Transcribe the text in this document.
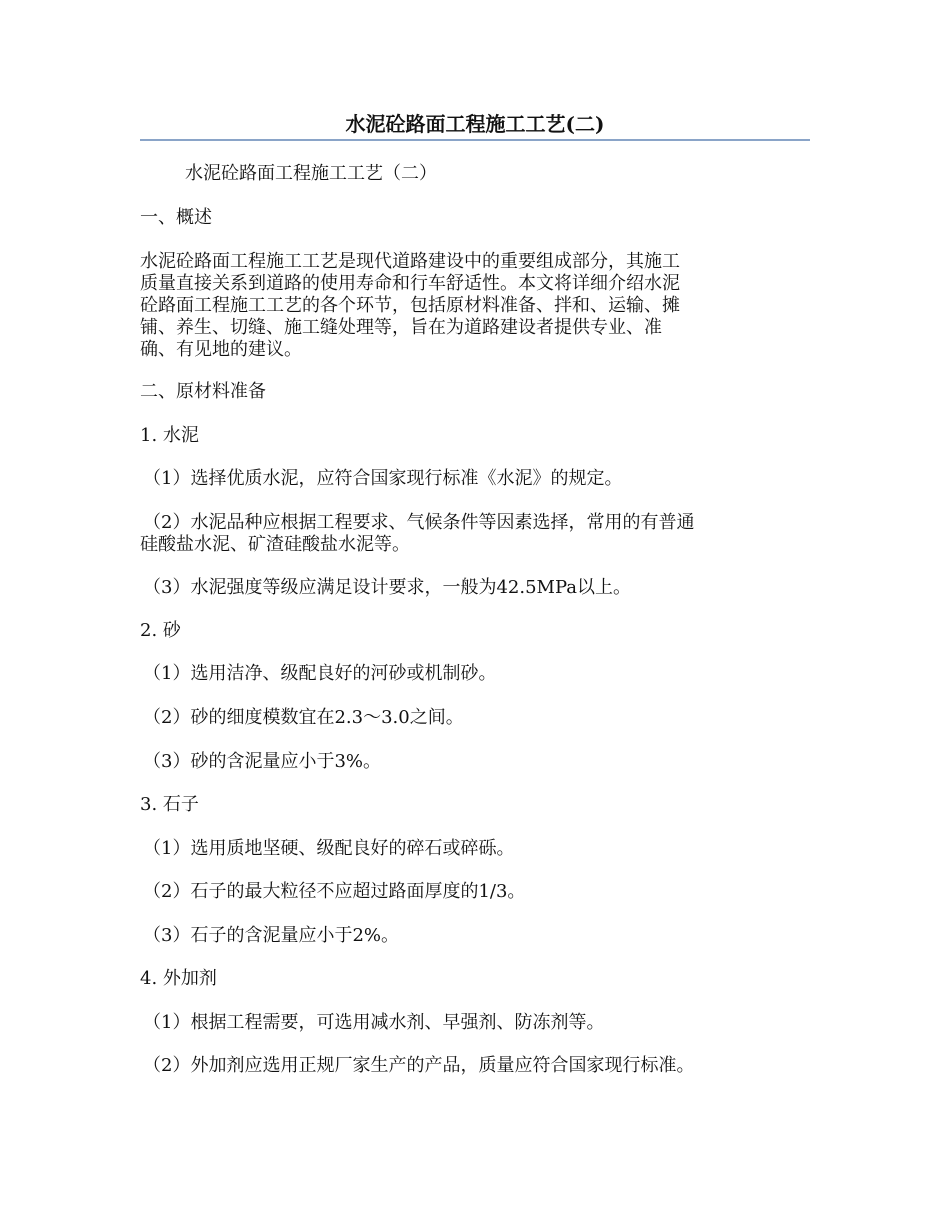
水泥砼路面工程施工工艺(二)

水泥砼路面工程施工工艺（二）

一、概述

水泥砼路面工程施工工艺是现代道路建设中的重要组成部分，其施工
质量直接关系到道路的使用寿命和行车舒适性。本文将详细介绍水泥
砼路面工程施工工艺的各个环节，包括原材料准备、拌和、运输、摊
铺、养生、切缝、施工缝处理等，旨在为道路建设者提供专业、准
确、有见地的建议。

二、原材料准备

1. 水泥

（1）选择优质水泥，应符合国家现行标准《水泥》的规定。

（2）水泥品种应根据工程要求、气候条件等因素选择，常用的有普通

硅酸盐水泥、矿渣硅酸盐水泥等。

（3）水泥强度等级应满足设计要求，一般为42.5MPa以上。

2. 砂

（1）选用洁净、级配良好的河砂或机制砂。

（2）砂的细度模数宜在2.3～3.0之间。

（3）砂的含泥量应小于3%。

3. 石子

（1）选用质地坚硬、级配良好的碎石或碎砾。

（2）石子的最大粒径不应超过路面厚度的1/3。

（3）石子的含泥量应小于2%。

4. 外加剂

（1）根据工程需要，可选用减水剂、早强剂、防冻剂等。

（2）外加剂应选用正规厂家生产的产品，质量应符合国家现行标准。
